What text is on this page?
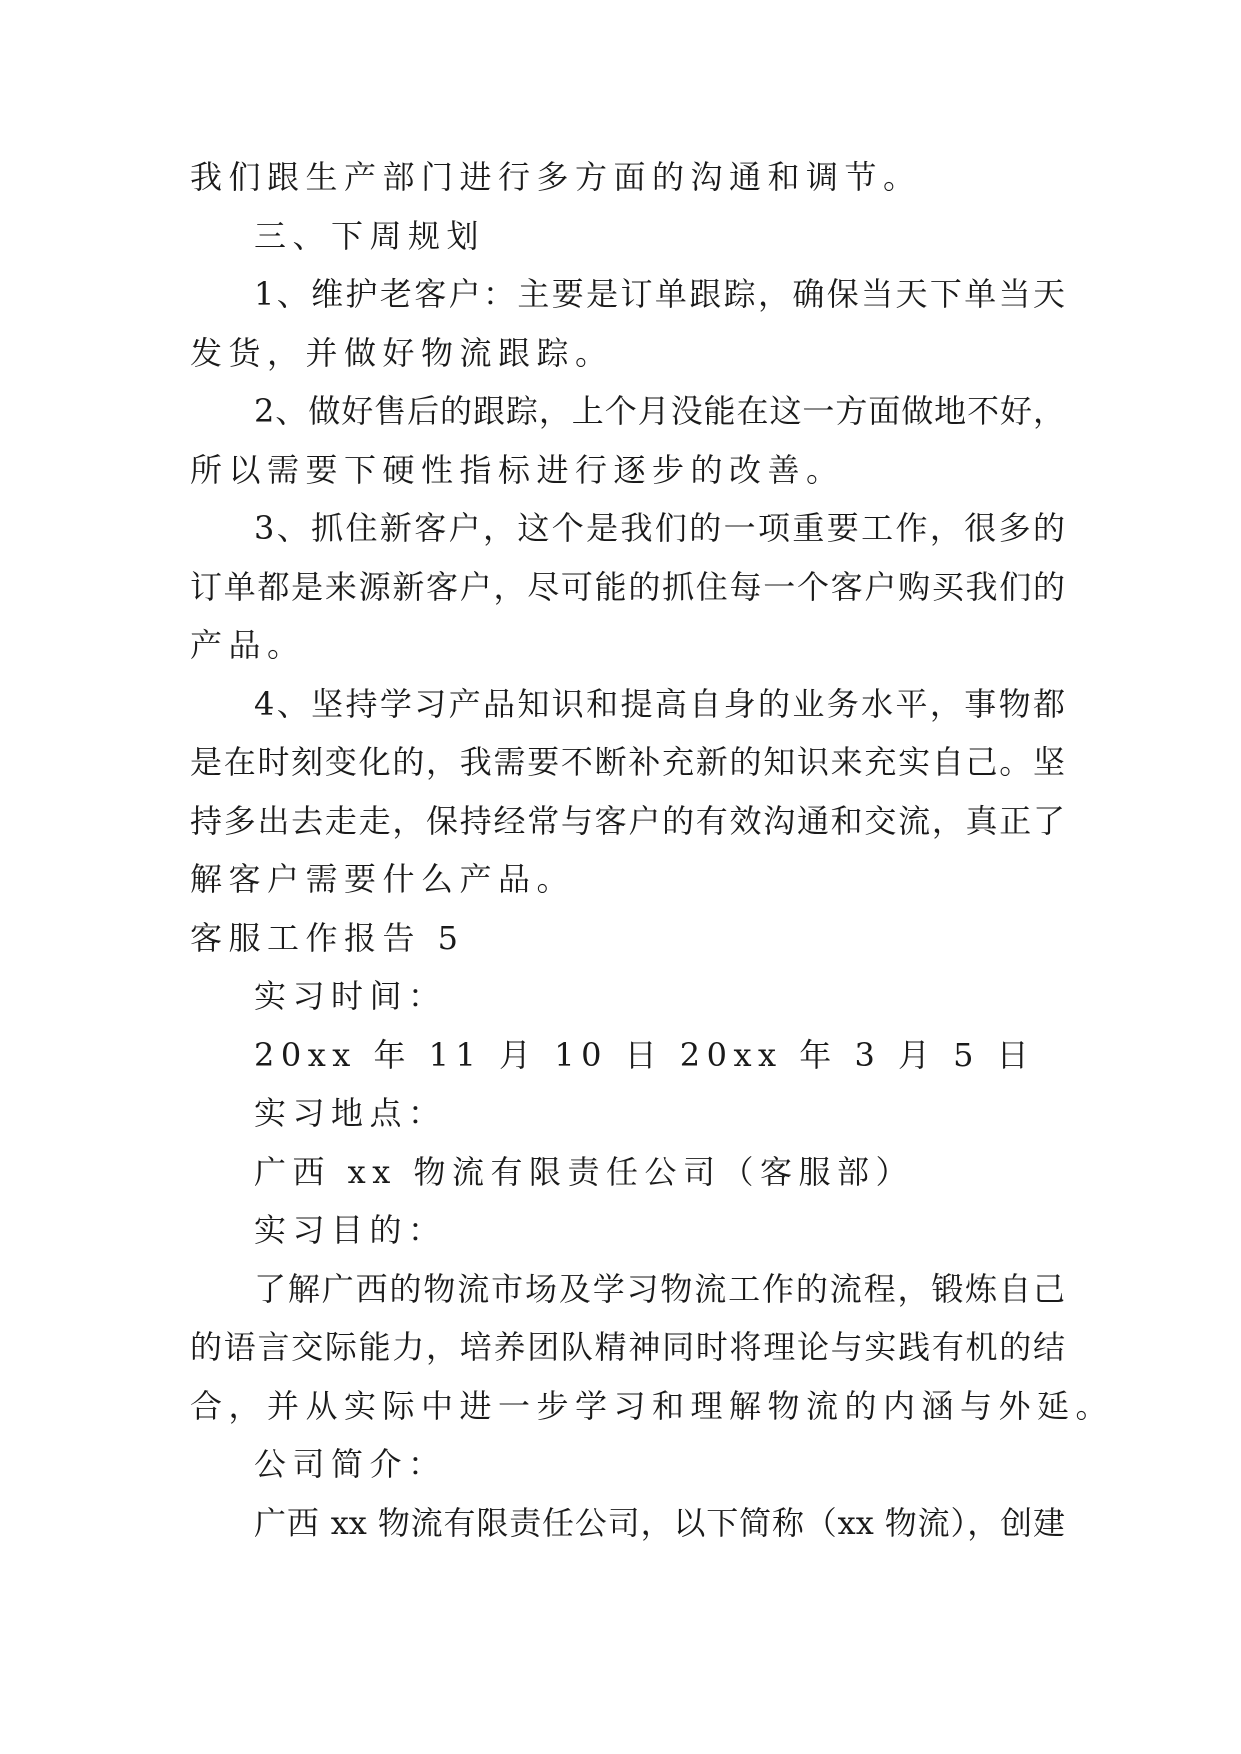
我们跟生产部门进行多方面的沟通和调节。
三、下周规划
1、维护老客户：主要是订单跟踪，确保当天下单当天
发货，并做好物流跟踪。
2、做好售后的跟踪，上个月没能在这一方面做地不好，
所以需要下硬性指标进行逐步的改善。
3、抓住新客户，这个是我们的一项重要工作，很多的
订单都是来源新客户，尽可能的抓住每一个客户购买我们的
产品。
4、坚持学习产品知识和提高自身的业务水平，事物都
是在时刻变化的，我需要不断补充新的知识来充实自己。坚
持多出去走走，保持经常与客户的有效沟通和交流，真正了
解客户需要什么产品。
客服工作报告 5
实习时间：
20xx 年 11 月 10 日 20xx 年 3 月 5 日
实习地点：
广西 xx 物流有限责任公司（客服部）
实习目的：
了解广西的物流市场及学习物流工作的流程，锻炼自己
的语言交际能力，培养团队精神同时将理论与实践有机的结
合，并从实际中进一步学习和理解物流的内涵与外延。
公司简介：
广西 xx 物流有限责任公司，以下简称（xx 物流），创建
